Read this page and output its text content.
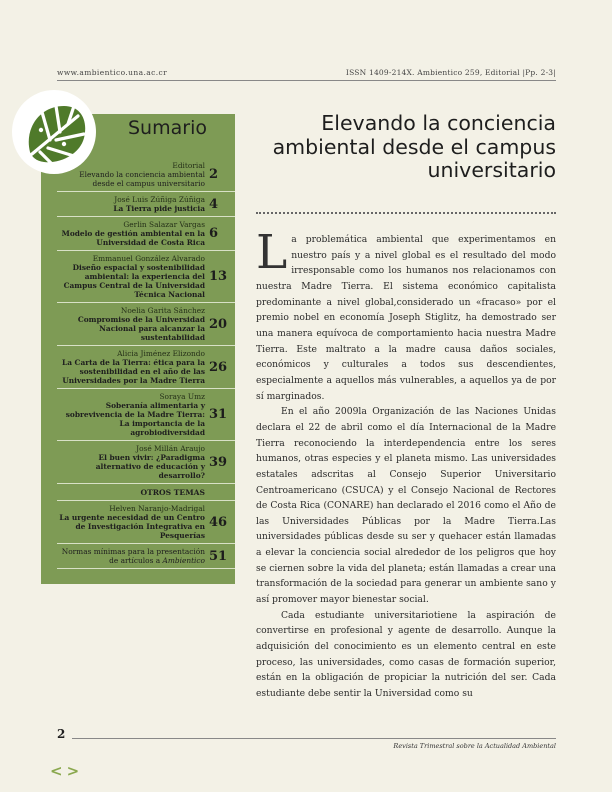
www.ambientico.una.ac.cr	ISSN 1409-214X. Ambientico 259, Editorial |Pp. 2-3|
Sumario
Editorial
Elevando la conciencia ambiental desde el campus universitario
2
José Luis Zúñiga Zúñiga
La Tierra pide justicia 4
Gerlin Salazar Vargas
Modelo de gestión ambiental en la Universidad de Costa Rica
6
Emmanuel González Alvarado
Diseño espacial y sostenibilidad ambiental: la experiencia del Campus Central de la Universidad Técnica Nacional
13
Noelia Garita Sánchez
Compromiso de la Universidad Nacional para alcanzar la sustentabilidad
20
Alicia Jiménez Elizondo
La Carta de la Tierra: ética para la sostenibilidad en el año de las Universidades por la Madre Tierra
26
Soraya Umz
Soberanía alimentaria y sobrevivencia de la Madre Tierra: La importancia de la agrobiodiversidad
31
José Millán Araujo
El buen vivir: ¿Paradigma alternativo de educación y desarrollo?
39
OTROS TEMAS
Helven Naranjo-Madrigal
La urgente necesidad de un Centro de Investigación Integrativa en Pesquerías
46
Normas mínimas para la presentación de artículos a Ambientico 51
Elevando la conciencia ambiental desde el campus universitario

La problemática ambiental que experimentamos en nuestro país y a nivel global es el resultado del modo irresponsable como los humanos nos relacionamos con nuestra Madre Tierra. El sistema económico capitalista predominante a nivel global,considerado un «fracaso» por el premio nobel en economía Joseph Stiglitz, ha demostrado ser una manera equívoca de comportamiento hacia nuestra Madre Tierra. Este maltrato a la madre causa daños sociales, económicos y culturales a todos sus descendientes, especialmente a aquellos más vulnerables, a aquellos ya de por sí marginados.

En el año 2009la Organización de las Naciones Unidas declara el 22 de abril como el día Internacional de la Madre Tierra reconociendo la interdependencia entre los seres humanos, otras especies y el planeta mismo. Las universidades estatales adscritas al Consejo Superior Universitario Centroamericano (CSUCA) y el Consejo Nacional de Rectores de Costa Rica (CONARE) han declarado el 2016 como el Año de las Universidades Públicas por la Madre Tierra.Las universidades públicas desde su ser y quehacer están llamadas a elevar la conciencia social alrededor de los peligros que hoy se ciernen sobre la vida del planeta; están llamadas a crear una transformación de la sociedad para generar un ambiente sano y así promover mayor bienestar social.

Cada estudiante universitariotiene la aspiración de convertirse en profesional y agente de desarrollo. Aunque la adquisición del conocimiento es un elemento central en este proceso, las universidades, como casas de formación superior, están en la obligación de propiciar la nutrición del ser. Cada estudiante debe sentir la Universidad como su

2
Revista Trimestral sobre la Actualidad Ambiental
<>
